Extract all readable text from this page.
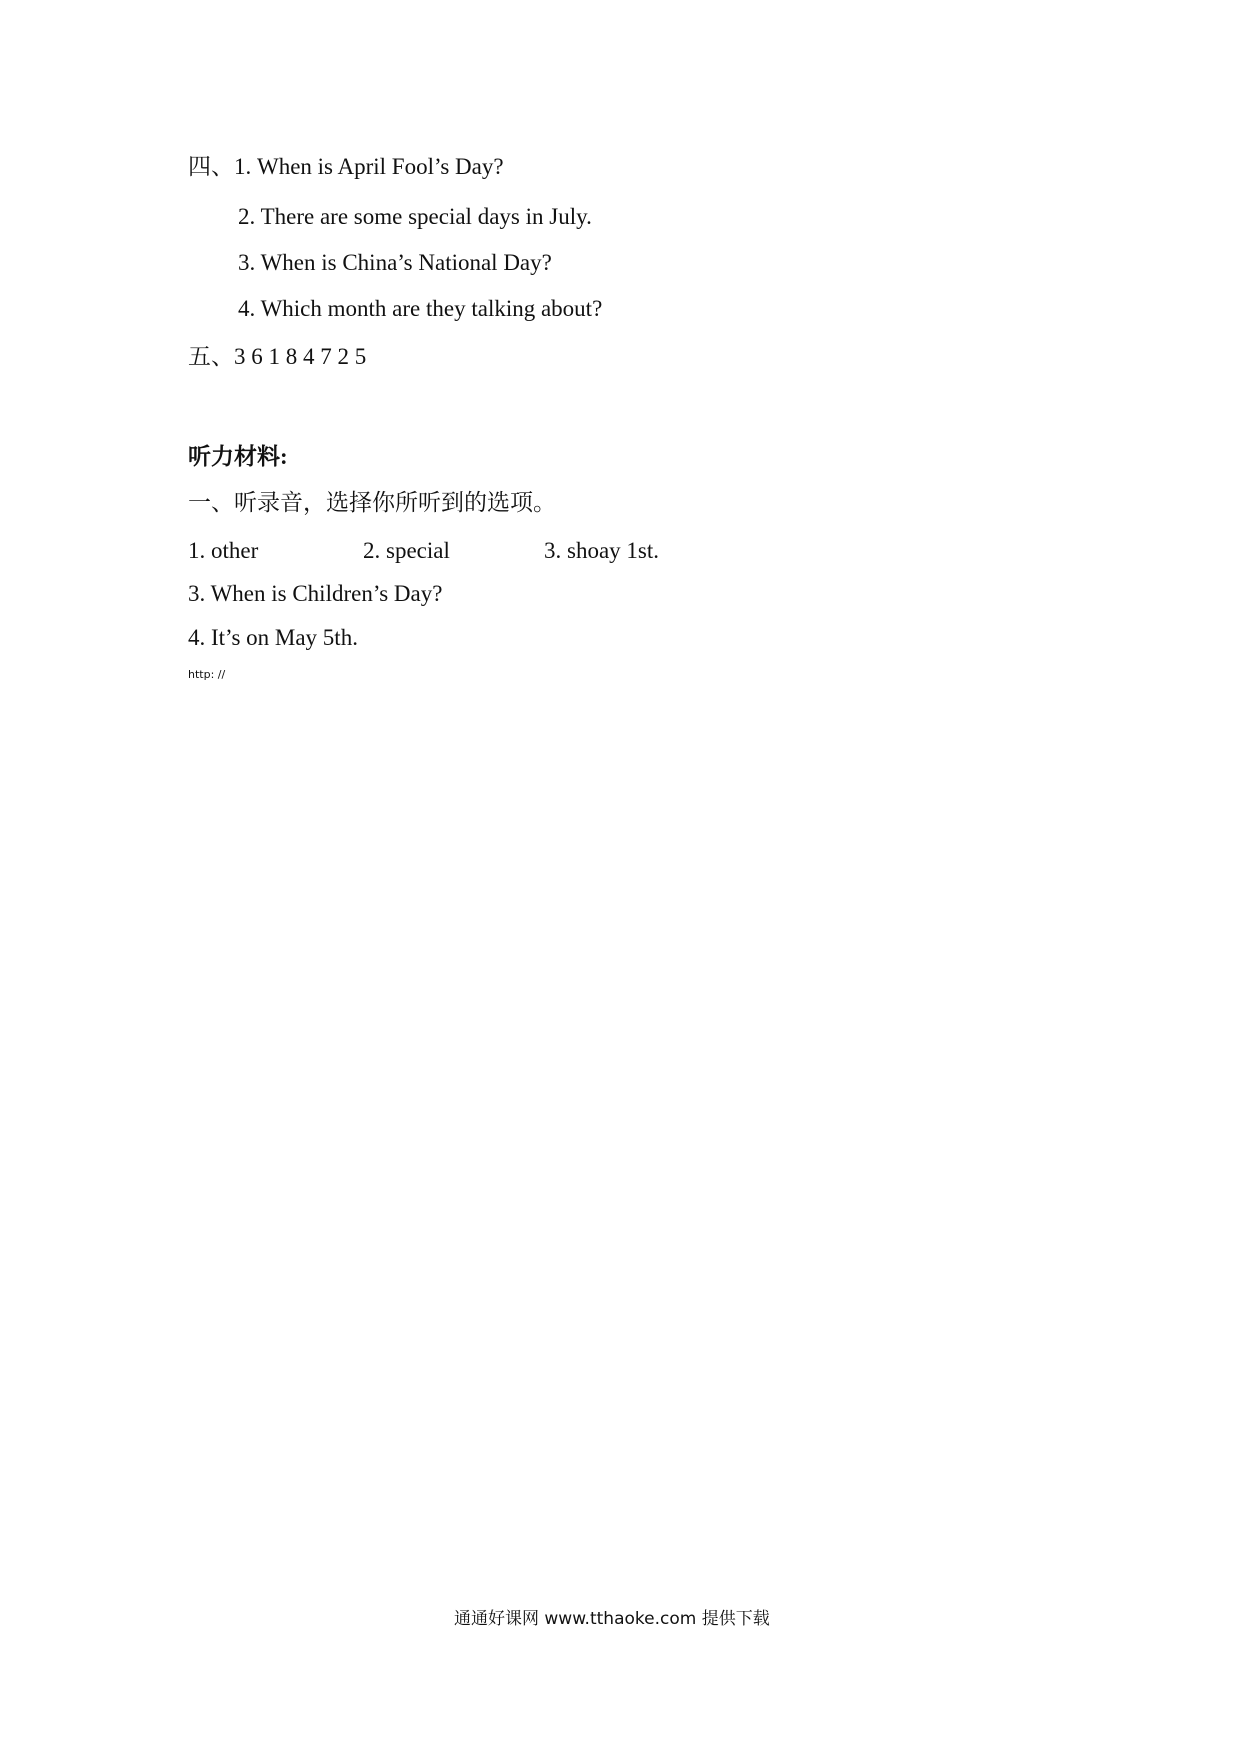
四、1. When is April Fool’s Day?
2. There are some special days in July.
3. When is China’s National Day?
4. Which month are they talking about?
五、3 6 1 8 4 7 2 5
听力材料:
一、听录音，选择你所听到的选项。
1. other	2. special	3. shoay 1st.
3. When is Children’s Day?
4. It’s on May 5th.
http: //
通通好课网 www.tthaoke.com 提供下载
